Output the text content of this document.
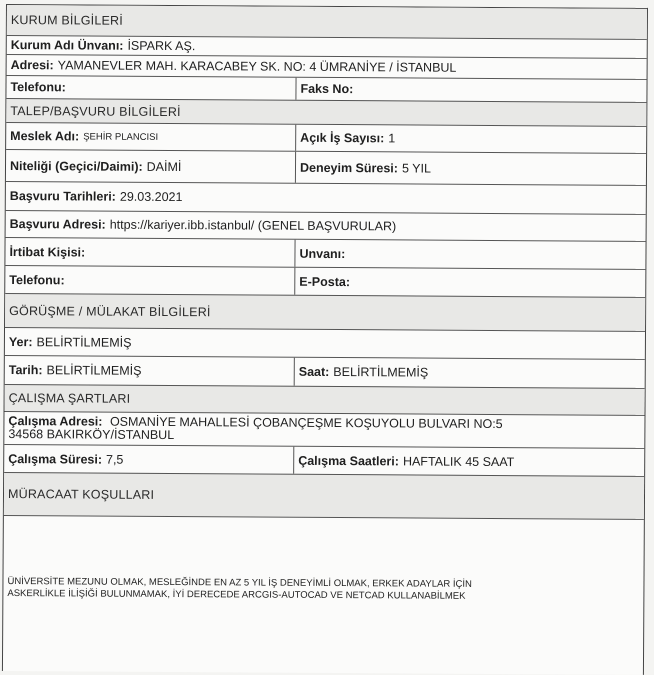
KURUM BİLGİLERİ
Kurum Adı Ünvanı: İSPARK AŞ.
Adresi: YAMANEVLER MAH. KARACABEY SK. NO: 4 ÜMRANİYE / İSTANBUL
Telefonu:	Faks No:
TALEP/BAŞVURU BİLGİLERİ
Meslek Adı: ŞEHİR PLANCISI	Açık İş Sayısı: 1
Niteliği (Geçici/Daimi): DAİMİ	Deneyim Süresi: 5 YIL
Başvuru Tarihleri: 29.03.2021
Başvuru Adresi: https://kariyer.ibb.istanbul/ (GENEL BAŞVURULAR)
İrtibat Kişisi:	Unvanı:
Telefonu:	E-Posta:
GÖRÜŞME / MÜLAKAT BİLGİLERİ
Yer: BELİRTİLMEMİŞ
Tarih: BELİRTİLMEMİŞ	Saat: BELİRTİLMEMİŞ
ÇALIŞMA ŞARTLARI
Çalışma Adresi: OSMANİYE MAHALLESİ ÇOBANÇEŞME KOŞUYOLU BULVARI NO:5
34568 BAKIRKÖY/İSTANBUL
Çalışma Süresi: 7,5	Çalışma Saatleri: HAFTALIK 45 SAAT
MÜRACAAT KOŞULLARI
ÜNİVERSİTE MEZUNU OLMAK, MESLEĞİNDE EN AZ 5 YIL İŞ DENEYİMLİ OLMAK, ERKEK ADAYLAR İÇİN
ASKERLİKLE İLİŞİĞİ BULUNMAMAK, İYİ DERECEDE ARCGIS-AUTOCAD VE NETCAD KULLANABİLMEK
